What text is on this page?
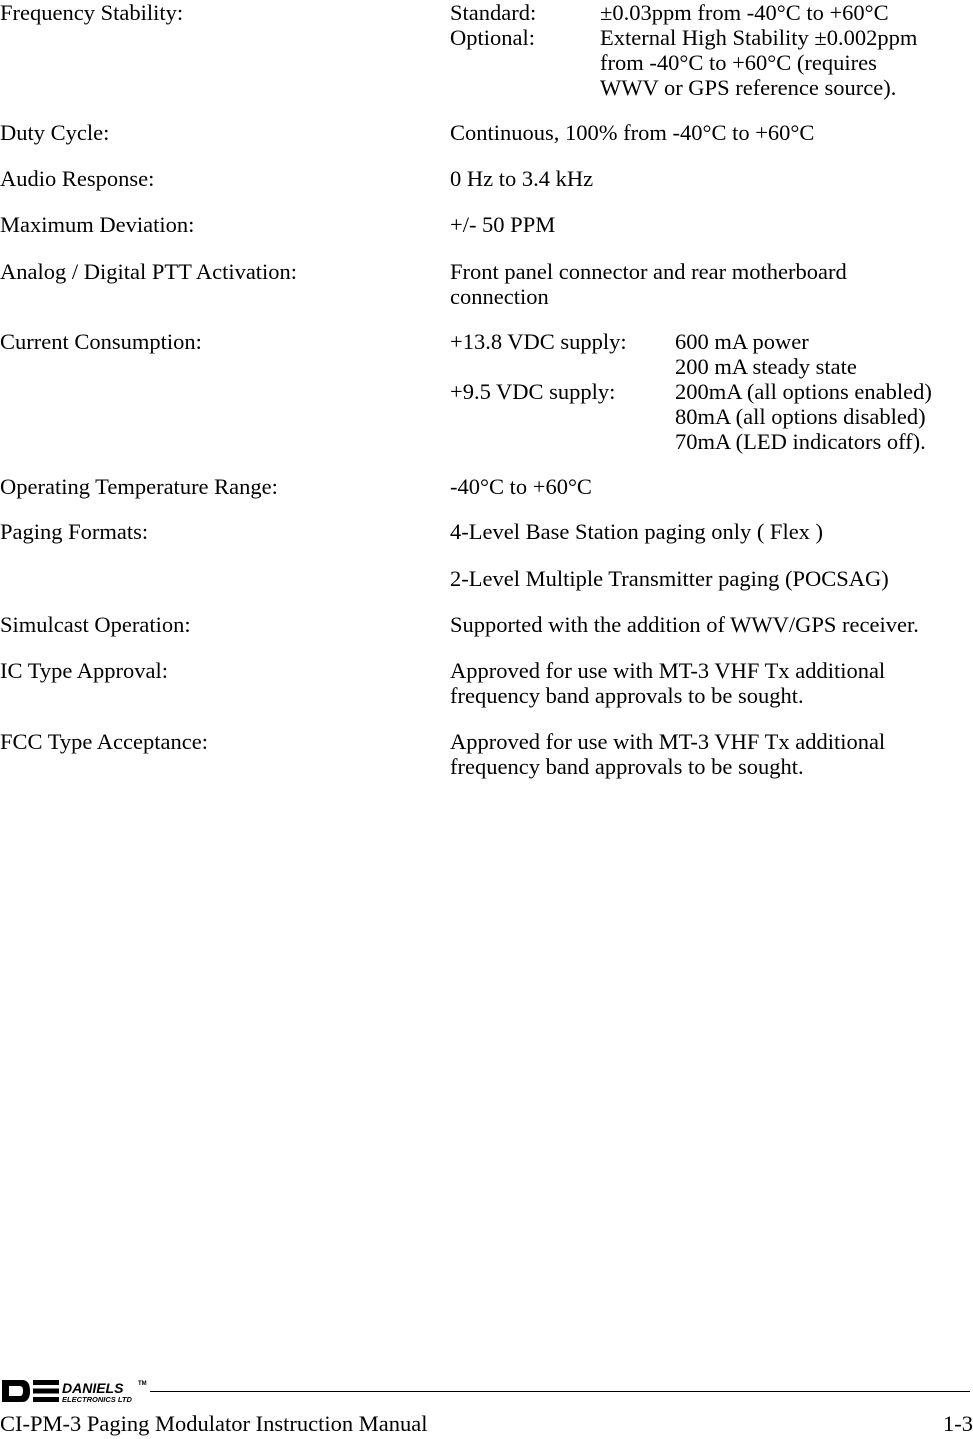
Frequency Stability:	Standard:	±0.03ppm from -40°C to +60°C
Optional:	External High Stability ±0.002ppm
from -40°C to +60°C (requires
WWV or GPS reference source).
Duty Cycle:	Continuous, 100% from -40°C to +60°C
Audio Response:	0 Hz to 3.4 kHz
Maximum Deviation:	+/- 50 PPM
Analog / Digital PTT Activation:	Front panel connector and rear motherboard
connection
Current Consumption:	+13.8 VDC supply: 600 mA power
200 mA steady state
+9.5 VDC supply:	200mA (all options enabled)
80mA (all options disabled)
70mA (LED indicators off).
Operating Temperature Range:	-40°C to +60°C
Paging Formats:	4-Level Base Station paging only ( Flex )
2-Level Multiple Transmitter paging (POCSAG)
Simulcast Operation:	Supported with the addition of WWV/GPS receiver.
IC Type Approval:	Approved for use with MT-3 VHF Tx additional
frequency band approvals to be sought.
FCC Type Acceptance:	Approved for use with MT-3 VHF Tx additional
frequency band approvals to be sought.
DANIELS TM
ELECTRONICS LTD
CI-PM-3 Paging Modulator Instruction Manual	1-3
